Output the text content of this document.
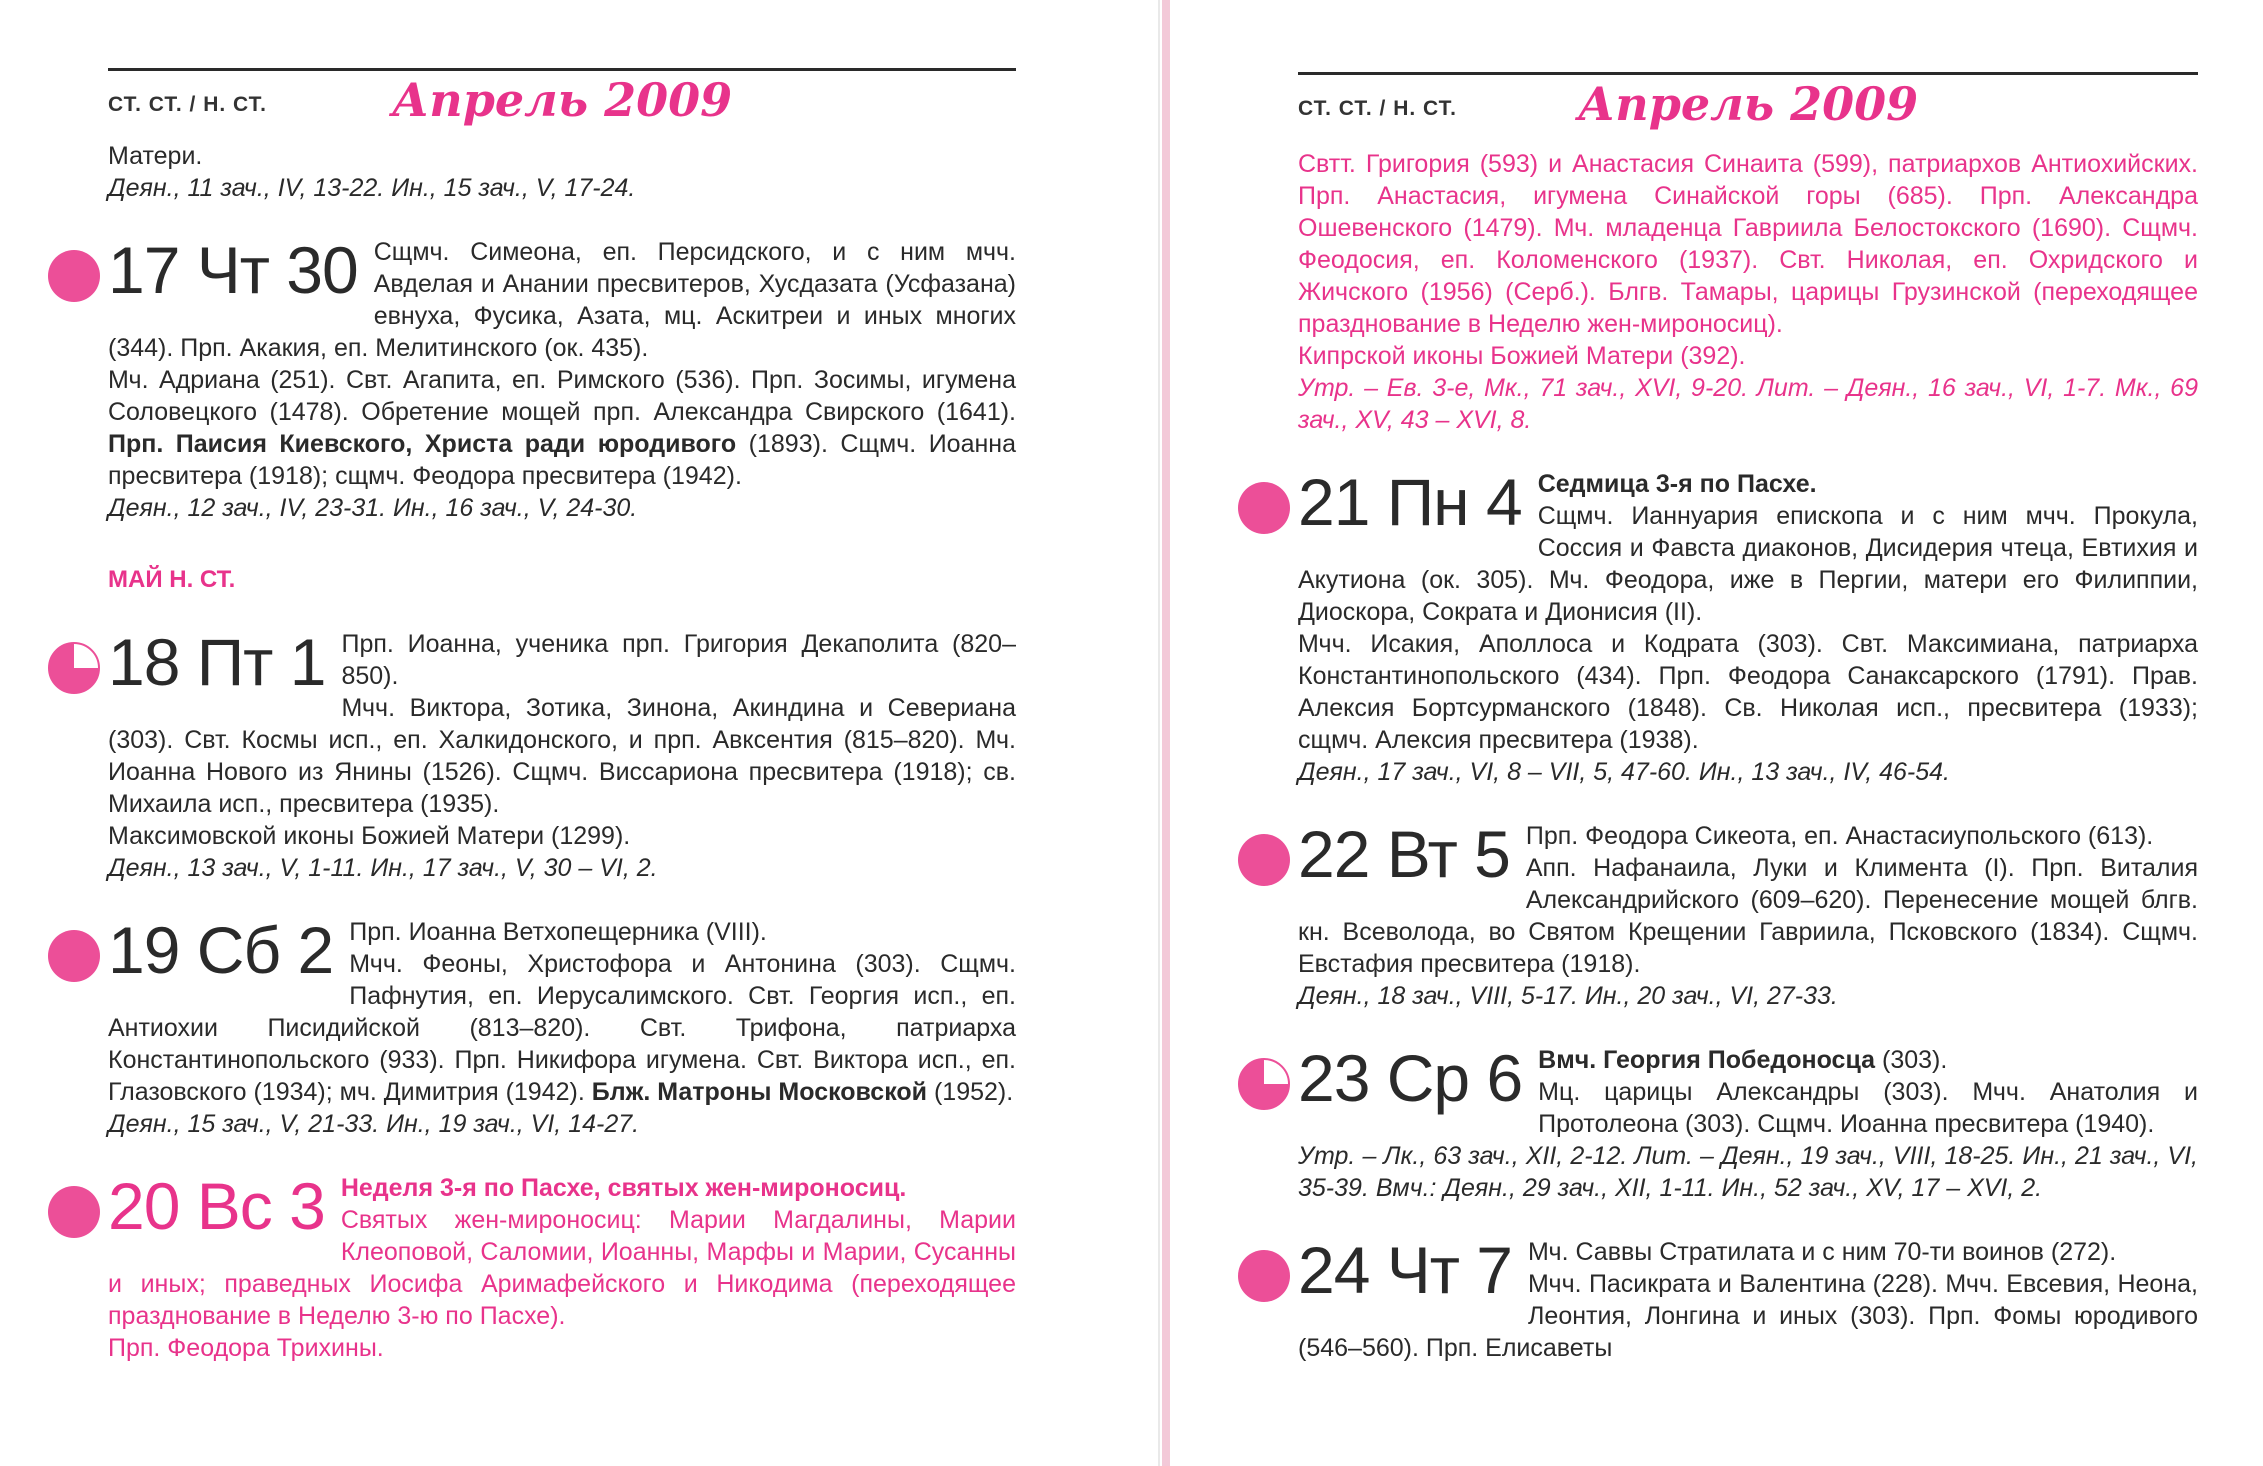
СТ. СТ. / Н. СТ.	Апрель 2009

Матери.

Деян., 11 зач., IV, 13-22. Ин., 15 зач., V, 17-24.

17 Чт 30 Сщмч. Симеона, еп. Персидского, и с ним мчч. Авделая и Анании пресвитеров, Хусдазата (Усфазана) евнуха, Фусика, Азата, мц. Аскитреи и иных многих (344). Прп. Акакия, еп. Мелитинского (ок. 435).

Мч. Адриана (251). Свт. Агапита, еп. Римского (536). Прп. Зосимы, игумена Соловецкого (1478). Обретение мощей прп. Александра Свирского (1641). Прп. Паисия Киевского, Христа ради юродивого (1893). Сщмч. Иоанна пресвитера (1918); сщмч. Феодора пресвитера (1942).

Деян., 12 зач., IV, 23-31. Ин., 16 зач., V, 24-30.

МАЙ Н. СТ.

18 Пт 1 Прп. Иоанна, ученика прп. Григория Декаполита (820–850).

Мчч. Виктора, Зотика, Зинона, Акиндина и Севериана (303). Свт. Космы исп., еп. Халкидонского, и прп. Авксентия (815–820). Мч. Иоанна Нового из Янины (1526). Сщмч. Виссариона пресвитера (1918); св. Михаила исп., пресвитера (1935).

Максимовской иконы Божией Матери (1299).

Деян., 13 зач., V, 1-11. Ин., 17 зач., V, 30 – VI, 2.

19 Сб 2 Прп. Иоанна Ветхопещерника (VIII).

Мчч. Феоны, Христофора и Антонина (303). Сщмч. Пафнутия, еп. Иерусалимского. Свт. Георгия исп., еп. Антиохии Писидийской (813–820). Свт. Трифона, патриарха Константинопольского (933). Прп. Никифора игумена. Свт. Виктора исп., еп. Глазовского (1934); мч. Димитрия (1942). Блж. Матроны Московской (1952).

Деян., 15 зач., V, 21-33. Ин., 19 зач., VI, 14-27.

20 Вс 3 Неделя 3-я по Пасхе, святых жен-мироносиц.

Святых жен-мироносиц: Марии Магдалины, Марии Клеоповой, Саломии, Иоанны, Марфы и Марии, Сусанны и иных; праведных Иосифа Аримафейского и Никодима (переходящее празднование в Неделю 3-ю по Пасхе).

Прп. Феодора Трихины.

СТ. СТ. / Н. СТ.	Апрель 2009

Свтт. Григория (593) и Анастасия Синаита (599), патриархов Антиохийских. Прп. Анастасия, игумена Синайской горы (685). Прп. Александра Ошевенского (1479). Мч. младенца Гавриила Белостокского (1690). Сщмч. Феодосия, еп. Коломенского (1937). Свт. Николая, еп. Охридского и Жичского (1956) (Серб.). Блгв. Тамары, царицы Грузинской (переходящее празднование в Неделю жен-мироносиц).

Кипрской иконы Божией Матери (392).

Утр. – Ев. 3-е, Мк., 71 зач., XVI, 9-20. Лит. – Деян., 16 зач., VI, 1-7. Мк., 69 зач., XV, 43 – XVI, 8.

21 Пн 4 Седмица 3-я по Пасхе.

Сщмч. Ианнуария епископа и с ним мчч. Прокула, Соссия и Фавста диаконов, Дисидерия чтеца, Евтихия и Акутиона (ок. 305). Мч. Феодора, иже в Пергии, матери его Филиппии, Диоскора, Сократа и Дионисия (II).

Мчч. Исакия, Аполлоса и Кодрата (303). Свт. Максимиана, патриарха Константинопольского (434). Прп. Феодора Санаксарского (1791). Прав. Алексия Бортсурманского (1848). Св. Николая исп., пресвитера (1933); сщмч. Алексия пресвитера (1938).

Деян., 17 зач., VI, 8 – VII, 5, 47-60. Ин., 13 зач., IV, 46-54.

22 Вт 5 Прп. Феодора Сикеота, еп. Анастасиупольского (613).

Апп. Нафанаила, Луки и Климента (I). Прп. Виталия Александрийского (609–620). Перенесение мощей блгв. кн. Всеволода, во Святом Крещении Гавриила, Псковского (1834). Сщмч. Евстафия пресвитера (1918).

Деян., 18 зач., VIII, 5-17. Ин., 20 зач., VI, 27-33.

23 Ср 6 Вмч. Георгия Победоносца (303).

Мц. царицы Александры (303). Мчч. Анатолия и Протолеона (303). Сщмч. Иоанна пресвитера (1940).

Утр. – Лк., 63 зач., XII, 2-12. Лит. – Деян., 19 зач., VIII, 18-25. Ин., 21 зач., VI, 35-39. Вмч.: Деян., 29 зач., XII, 1-11. Ин., 52 зач., XV, 17 – XVI, 2.

24 Чт 7 Мч. Саввы Стратилата и с ним 70-ти воинов (272).

Мчч. Пасикрата и Валентина (228). Мчч. Евсевия, Неона, Леонтия, Лонгина и иных (303). Прп. Фомы юродивого (546–560). Прп. Елисаветы
